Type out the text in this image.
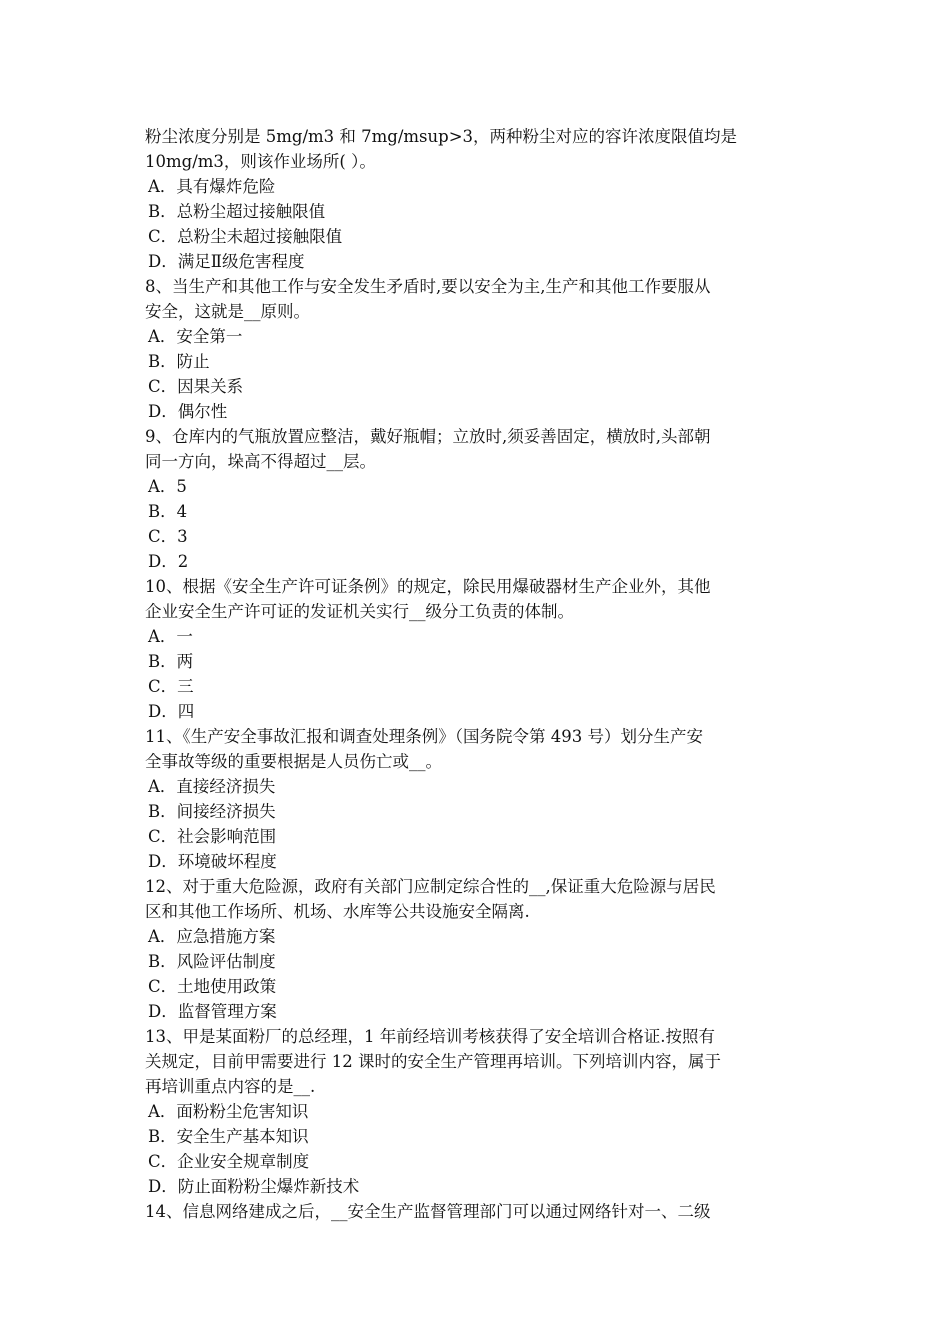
粉尘浓度分别是 5mg/m3 和 7mg/msup>3，两种粉尘对应的容许浓度限值均是
10mg/m3，则该作业场所( ）。
A．具有爆炸危险
B．总粉尘超过接触限值
C．总粉尘未超过接触限值
D．满足Ⅱ级危害程度
8、当生产和其他工作与安全发生矛盾时,要以安全为主,生产和其他工作要服从
安全，这就是__原则。
A．安全第一
B．防止
C．因果关系
D．偶尔性
9、仓库内的气瓶放置应整洁，戴好瓶帽；立放时,须妥善固定，横放时,头部朝
同一方向，垛高不得超过__层。
A．5
B．4
C．3
D．2
10、根据《安全生产许可证条例》的规定，除民用爆破器材生产企业外，其他
企业安全生产许可证的发证机关实行__级分工负责的体制。
A．一
B．两
C．三
D．四
11、《生产安全事故汇报和调查处理条例》（国务院令第 493 号）划分生产安
全事故等级的重要根据是人员伤亡或__。
A．直接经济损失
B．间接经济损失
C．社会影响范围
D．环境破坏程度
12、对于重大危险源，政府有关部门应制定综合性的__,保证重大危险源与居民
区和其他工作场所、机场、水库等公共设施安全隔离.
A．应急措施方案
B．风险评估制度
C．土地使用政策
D．监督管理方案
13、甲是某面粉厂的总经理，1 年前经培训考核获得了安全培训合格证.按照有
关规定，目前甲需要进行 12 课时的安全生产管理再培训。下列培训内容，属于
再培训重点内容的是__.
A．面粉粉尘危害知识
B．安全生产基本知识
C．企业安全规章制度
D．防止面粉粉尘爆炸新技术
14、信息网络建成之后，__安全生产监督管理部门可以通过网络针对一、二级
